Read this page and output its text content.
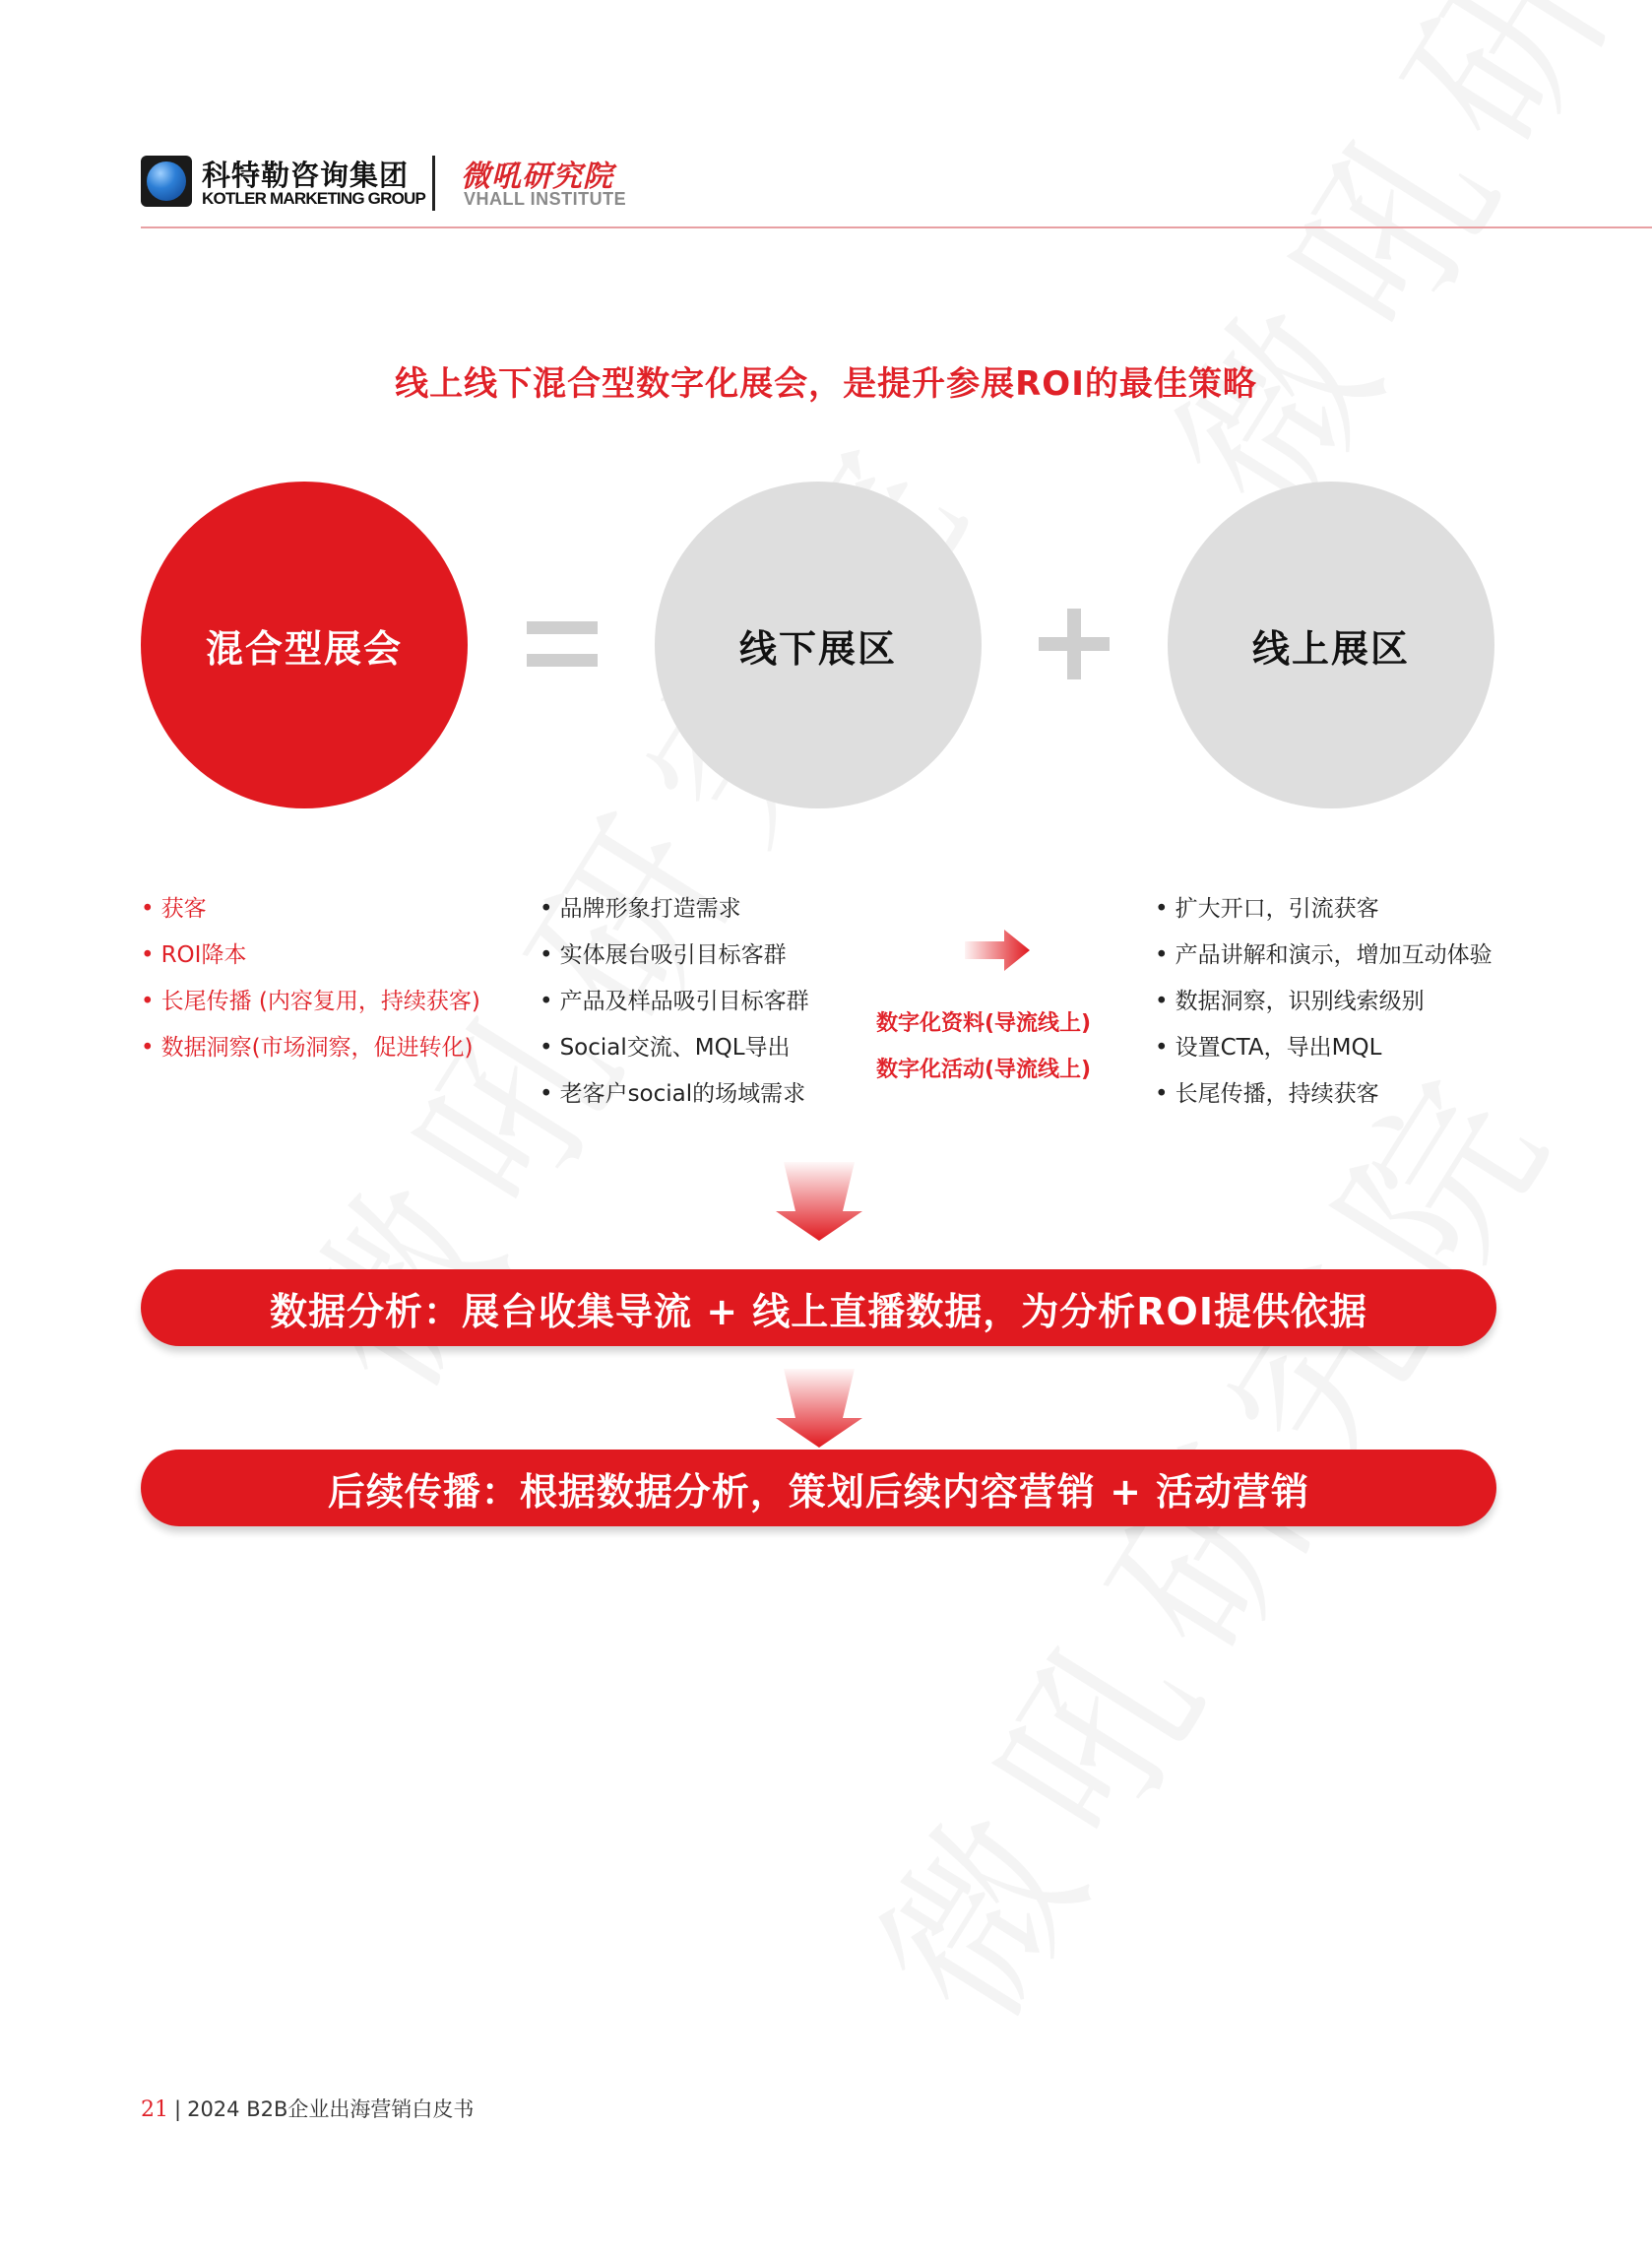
科特勒咨询集团
KOTLER MARKETING GROUP
微吼研究院
VHALL INSTITUTE
线上线下混合型数字化展会，是提升参展ROI的最佳策略
混合型展会	线下展区	线上展区
• 获客
• ROI降本
• 长尾传播 (内容复用，持续获客)
• 数据洞察(市场洞察，促进转化)
• 品牌形象打造需求
• 实体展台吸引目标客群
• 产品及样品吸引目标客群
• Social交流、MQL导出
• 老客户social的场域需求
数字化资料(导流线上)
数字化活动(导流线上)
• 扩大开口，引流获客
• 产品讲解和演示，增加互动体验
• 数据洞察，识别线索级别
• 设置CTA，导出MQL
• 长尾传播，持续获客
数据分析：展台收集导流 + 线上直播数据，为分析ROI提供依据
后续传播：根据数据分析，策划后续内容营销 + 活动营销
21 | 2024 B2B企业出海营销白皮书
